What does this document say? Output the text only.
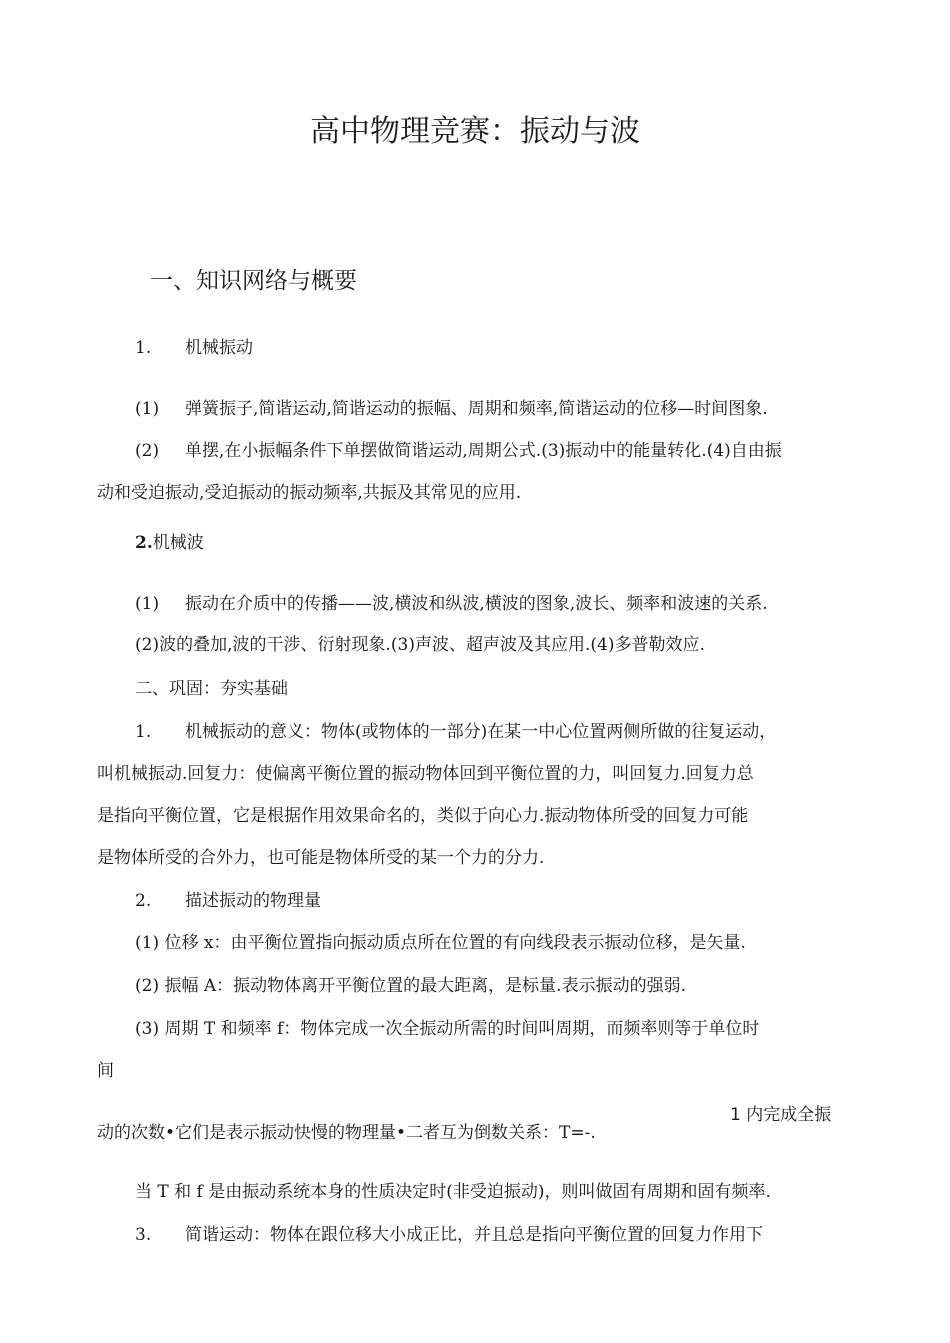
高中物理竞赛：振动与波
一、知识网络与概要
1. 机械振动
(1) 弹簧振子,简谐运动,简谐运动的振幅、周期和频率,简谐运动的位移—时间图象.
(2) 单摆,在小振幅条件下单摆做简谐运动,周期公式.(3)振动中的能量转化.(4)自由振
动和受迫振动,受迫振动的振动频率,共振及其常见的应用.
2.机械波
(1) 振动在介质中的传播——波,横波和纵波,横波的图象,波长、频率和波速的关系.
(2)波的叠加,波的干涉、衍射现象.(3)声波、超声波及其应用.(4)多普勒效应.
二、巩固：夯实基础
1. 机械振动的意义：物体(或物体的一部分)在某一中心位置两侧所做的往复运动，
叫机械振动.回复力：使偏离平衡位置的振动物体回到平衡位置的力，叫回复力.回复力总
是指向平衡位置，它是根据作用效果命名的，类似于向心力.振动物体所受的回复力可能
是物体所受的合外力，也可能是物体所受的某一个力的分力.
2. 描述振动的物理量
(1) 位移 x：由平衡位置指向振动质点所在位置的有向线段表示振动位移，是矢量.
(2) 振幅 A：振动物体离开平衡位置的最大距离，是标量.表示振动的强弱.
(3) 周期 T 和频率 f：物体完成一次全振动所需的时间叫周期，而频率则等于单位时
间
1 内完成全振
动的次数•它们是表示振动快慢的物理量•二者互为倒数关系：T=-.
当 T 和 f 是由振动系统本身的性质决定时(非受迫振动)，则叫做固有周期和固有频率.
3. 简谐运动：物体在跟位移大小成正比，并且总是指向平衡位置的回复力作用下
